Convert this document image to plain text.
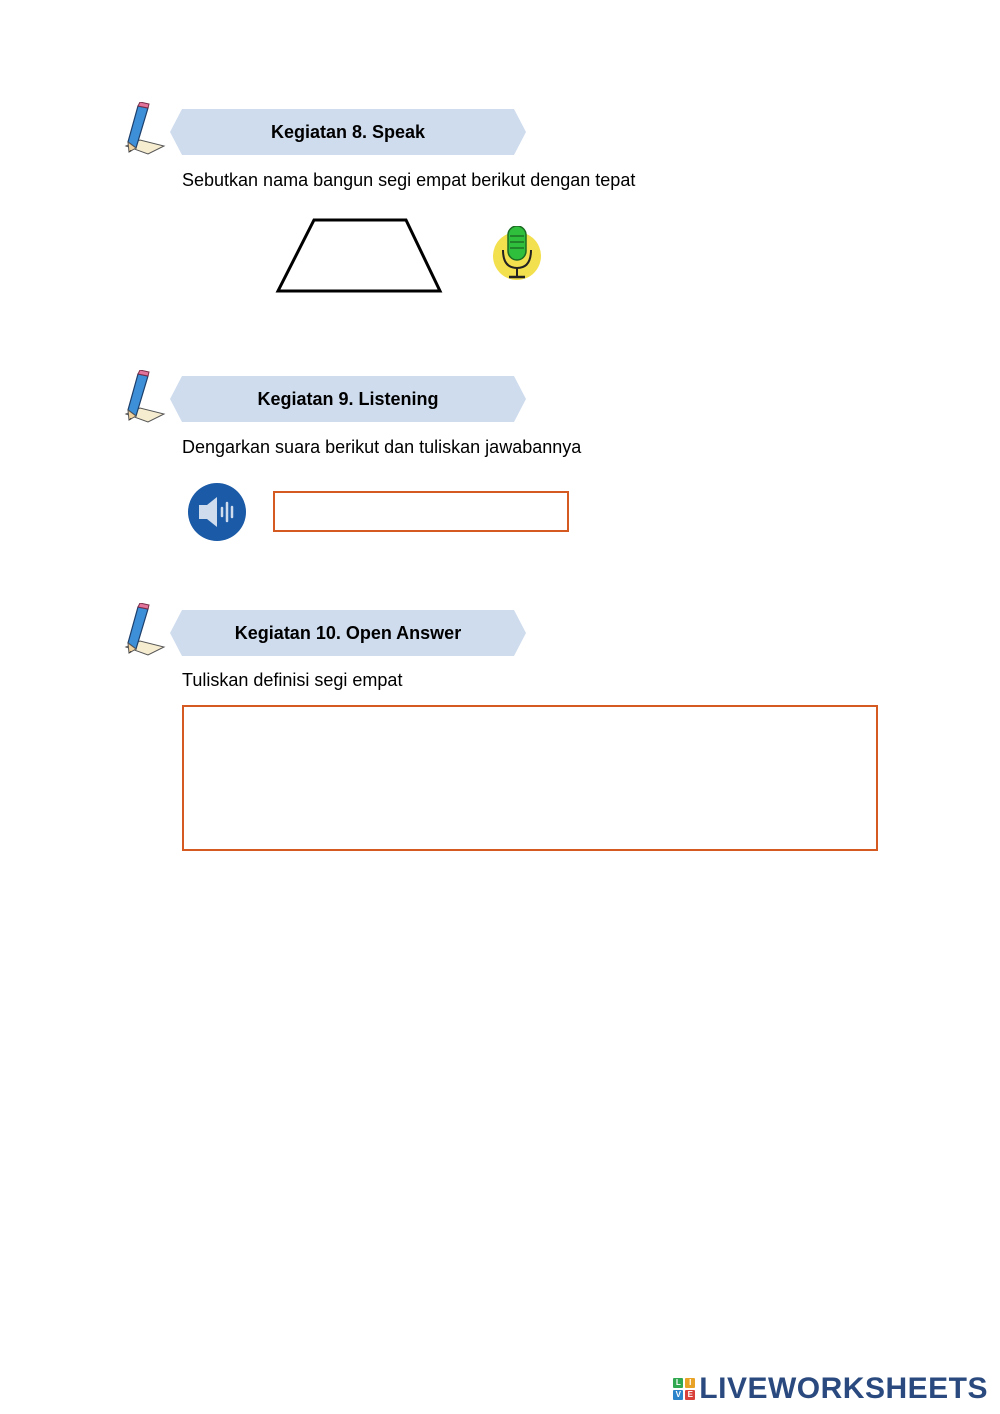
Kegiatan 8. Speak
Sebutkan nama bangun segi empat berikut dengan tepat
Kegiatan 9. Listening
Dengarkan suara berikut dan tuliskan jawabannya
Kegiatan 10. Open Answer
Tuliskan definisi segi empat
L	I
V E LIVEWORKSHEETS
